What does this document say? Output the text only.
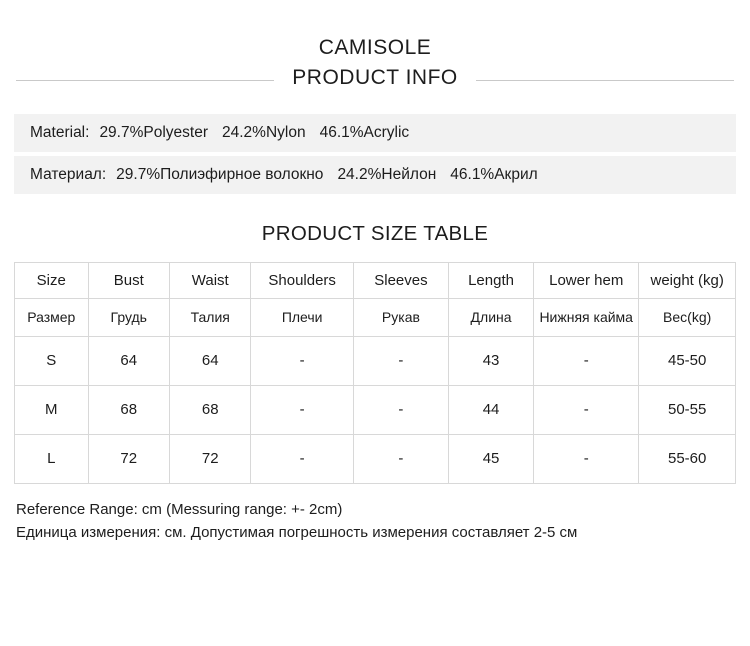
CAMISOLE
PRODUCT INFO
Material: 29.7%Polyester 24.2%Nylon 46.1%Acrylic
Материал: 29.7%Полиэфирное волокно 24.2%Нейлон 46.1%Акрил
PRODUCT SIZE TABLE
Size	Bust	Waist	Shoulders	Sleeves	Length	Lower hem	weight (kg)
Размер	Грудь	Талия	Плечи	Рукав	Длина	Нижняя кайма	Вес(kg)
S	64	64	-	-	43	-	45-50
M	68	68	-	-	44	-	50-55
L	72	72	-	-	45	-	55-60
Reference Range: cm (Messuring range: +- 2cm)
Единица измерения: см. Допустимая погрешность измерения составляет 2-5 см
